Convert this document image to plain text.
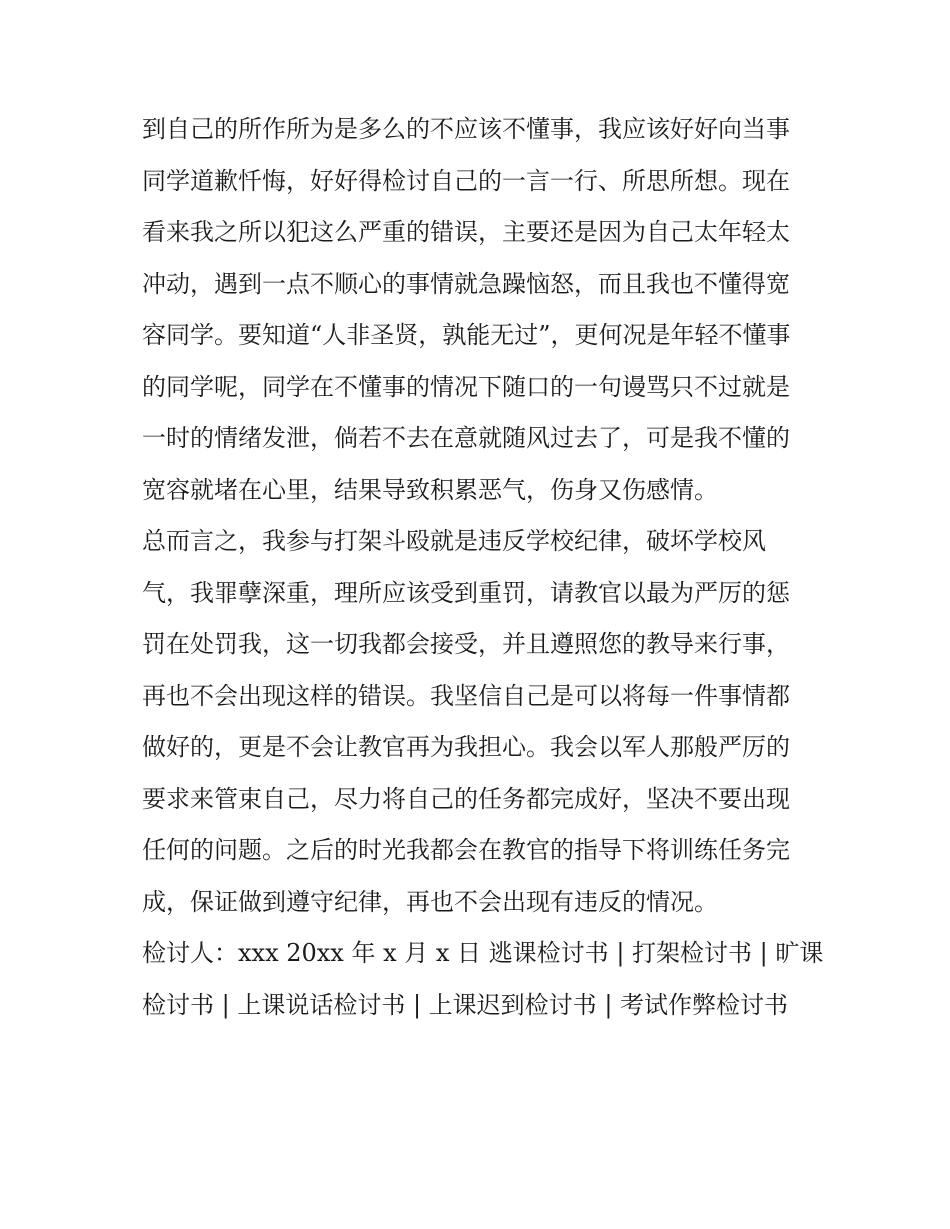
到自己的所作所为是多么的不应该不懂事，我应该好好向当事
同学道歉忏悔，好好得检讨自己的一言一行、所思所想。现在
看来我之所以犯这么严重的错误，主要还是因为自己太年轻太
冲动，遇到一点不顺心的事情就急躁恼怒，而且我也不懂得宽
容同学。要知道“人非圣贤，孰能无过”，更何况是年轻不懂事
的同学呢，同学在不懂事的情况下随口的一句谩骂只不过就是
一时的情绪发泄，倘若不去在意就随风过去了，可是我不懂的
宽容就堵在心里，结果导致积累恶气，伤身又伤感情。
总而言之，我参与打架斗殴就是违反学校纪律，破坏学校风
气，我罪孽深重，理所应该受到重罚，请教官以最为严厉的惩
罚在处罚我，这一切我都会接受，并且遵照您的教导来行事，
再也不会出现这样的错误。我坚信自己是可以将每一件事情都
做好的，更是不会让教官再为我担心。我会以军人那般严厉的
要求来管束自己，尽力将自己的任务都完成好，坚决不要出现
任何的问题。之后的时光我都会在教官的指导下将训练任务完
成，保证做到遵守纪律，再也不会出现有违反的情况。
检讨人：xxx 20xx 年 x 月 x 日 逃课检讨书 | 打架检讨书 | 旷课
检讨书 | 上课说话检讨书 | 上课迟到检讨书 | 考试作弊检讨书
